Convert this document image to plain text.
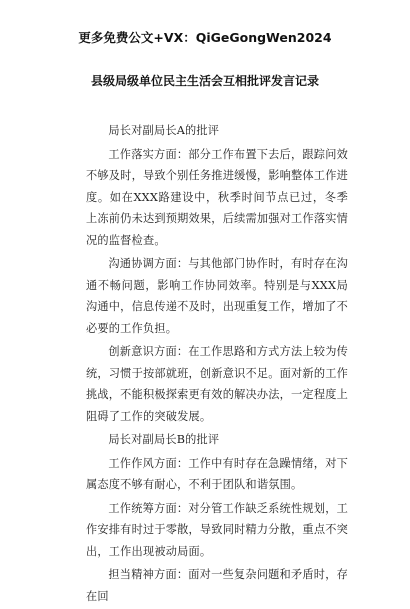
更多免费公文+VX：QiGeGongWen2024
县级局级单位民主生活会互相批评发言记录

局长对副局长A的批评

工作落实方面：部分工作布置下去后，跟踪问效不够及时，导致个别任务推进缓慢，影响整体工作进度。如在XXX路建设中，秋季时间节点已过，冬季上冻前仍未达到预期效果，后续需加强对工作落实情况的监督检查。

沟通协调方面：与其他部门协作时，有时存在沟通不畅问题，影响工作协同效率。特别是与XXX局沟通中，信息传递不及时，出现重复工作，增加了不必要的工作负担。

创新意识方面：在工作思路和方式方法上较为传统，习惯于按部就班，创新意识不足。面对新的工作挑战，不能积极探索更有效的解决办法，一定程度上阻碍了工作的突破发展。

局长对副局长B的批评

工作作风方面：工作中有时存在急躁情绪，对下属态度不够有耐心，不利于团队和谐氛围。

工作统筹方面：对分管工作缺乏系统性规划，工作安排有时过于零散，导致同时精力分散，重点不突出，工作出现被动局面。

担当精神方面：面对一些复杂问题和矛盾时，存在回
